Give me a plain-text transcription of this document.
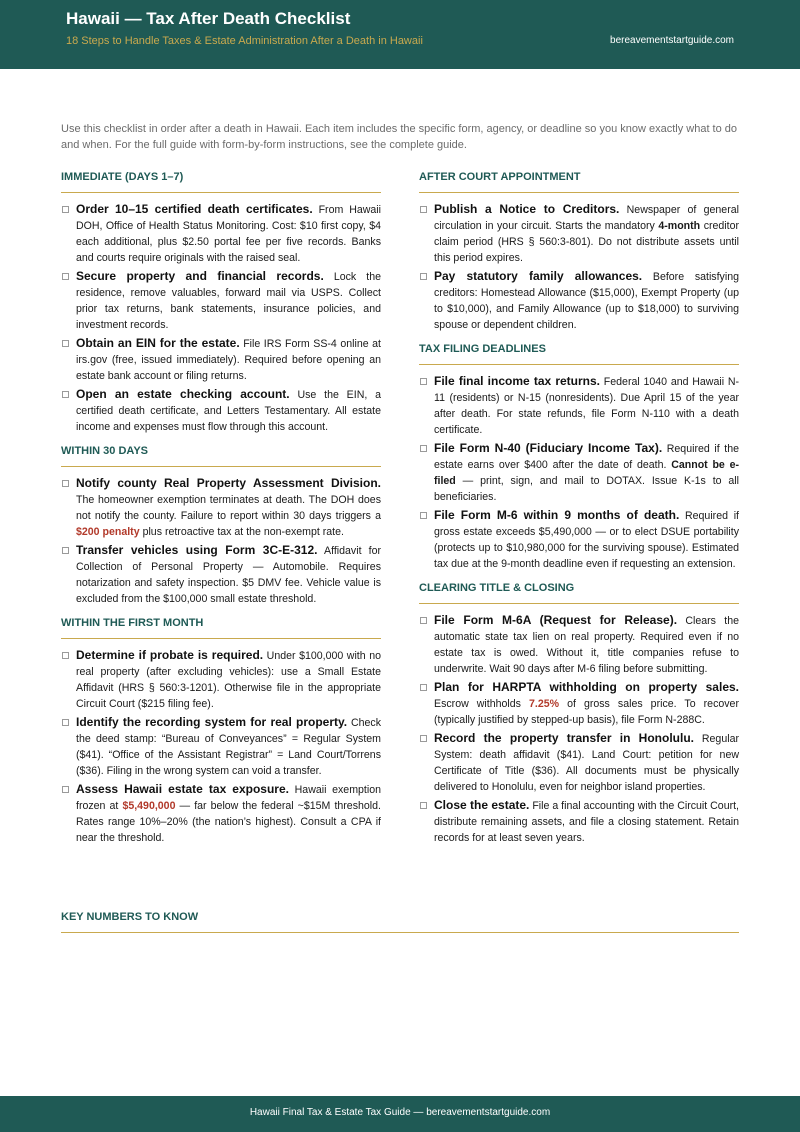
Hawaii — Tax After Death Checklist
18 Steps to Handle Taxes & Estate Administration After a Death in Hawaii	bereavementstartguide.com

Use this checklist in order after a death in Hawaii. Each item includes the specific form, agency, or deadline so you know exactly what to do and when. For the full guide with form-by-form instructions, see the complete guide.

IMMEDIATE (DAYS 1–7)
Order 10–15 certified death certificates. From Hawaii DOH, Office of Health Status Monitoring. Cost: $10 first copy, $4 each additional, plus $2.50 portal fee per five records. Banks and courts require originals with the raised seal.
Secure property and financial records. Lock the residence, remove valuables, forward mail via USPS. Collect prior tax returns, bank statements, insurance policies, and investment records.
Obtain an EIN for the estate. File IRS Form SS-4 online at irs.gov (free, issued immediately). Required before opening an estate bank account or filing returns.
Open an estate checking account. Use the EIN, a certified death certificate, and Letters Testamentary. All estate income and expenses must flow through this account.
WITHIN 30 DAYS
Notify county Real Property Assessment Division. The homeowner exemption terminates at death. The DOH does not notify the county. Failure to report within 30 days triggers a $200 penalty plus retroactive tax at the non-exempt rate.
Transfer vehicles using Form 3C-E-312. Affidavit for Collection of Personal Property — Automobile. Requires notarization and safety inspection. $5 DMV fee. Vehicle value is excluded from the $100,000 small estate threshold.
WITHIN THE FIRST MONTH
Determine if probate is required. Under $100,000 with no real property (after excluding vehicles): use a Small Estate Affidavit (HRS § 560:3-1201). Otherwise file in the appropriate Circuit Court ($215 filing fee).
Identify the recording system for real property. Check the deed stamp: “Bureau of Conveyances” = Regular System ($41). “Office of the Assistant Registrar” = Land Court/Torrens ($36). Filing in the wrong system can void a transfer.
Assess Hawaii estate tax exposure. Hawaii exemption frozen at $5,490,000 — far below the federal ~$15M threshold. Rates range 10%–20% (the nation’s highest). Consult a CPA if near the threshold.
AFTER COURT APPOINTMENT
Publish a Notice to Creditors. Newspaper of general circulation in your circuit. Starts the mandatory 4-month creditor claim period (HRS § 560:3-801). Do not distribute assets until this period expires.
Pay statutory family allowances. Before satisfying creditors: Homestead Allowance ($15,000), Exempt Property (up to $10,000), and Family Allowance (up to $18,000) to surviving spouse or dependent children.
TAX FILING DEADLINES
File final income tax returns. Federal 1040 and Hawaii N-11 (residents) or N-15 (nonresidents). Due April 15 of the year after death. For state refunds, file Form N-110 with a death certificate.
File Form N-40 (Fiduciary Income Tax). Required if the estate earns over $400 after the date of death. Cannot be e-filed — print, sign, and mail to DOTAX. Issue K-1s to all beneficiaries.
File Form M-6 within 9 months of death. Required if gross estate exceeds $5,490,000 — or to elect DSUE portability (protects up to $10,980,000 for the surviving spouse). Estimated tax due at the 9-month deadline even if requesting an extension.
CLEARING TITLE & CLOSING
File Form M-6A (Request for Release). Clears the automatic state tax lien on real property. Required even if no estate tax is owed. Without it, title companies refuse to underwrite. Wait 90 days after M-6 filing before submitting.
Plan for HARPTA withholding on property sales. Escrow withholds 7.25% of gross sales price. To recover (typically justified by stepped-up basis), file Form N-288C.
Record the property transfer in Honolulu. Regular System: death affidavit ($41). Land Court: petition for new Certificate of Title ($36). All documents must be physically delivered to Honolulu, even for neighbor island properties.
Close the estate. File a final accounting with the Circuit Court, distribute remaining assets, and file a closing statement. Retain records for at least seven years.
KEY NUMBERS TO KNOW
Hawaii Final Tax & Estate Tax Guide — bereavementstartguide.com
